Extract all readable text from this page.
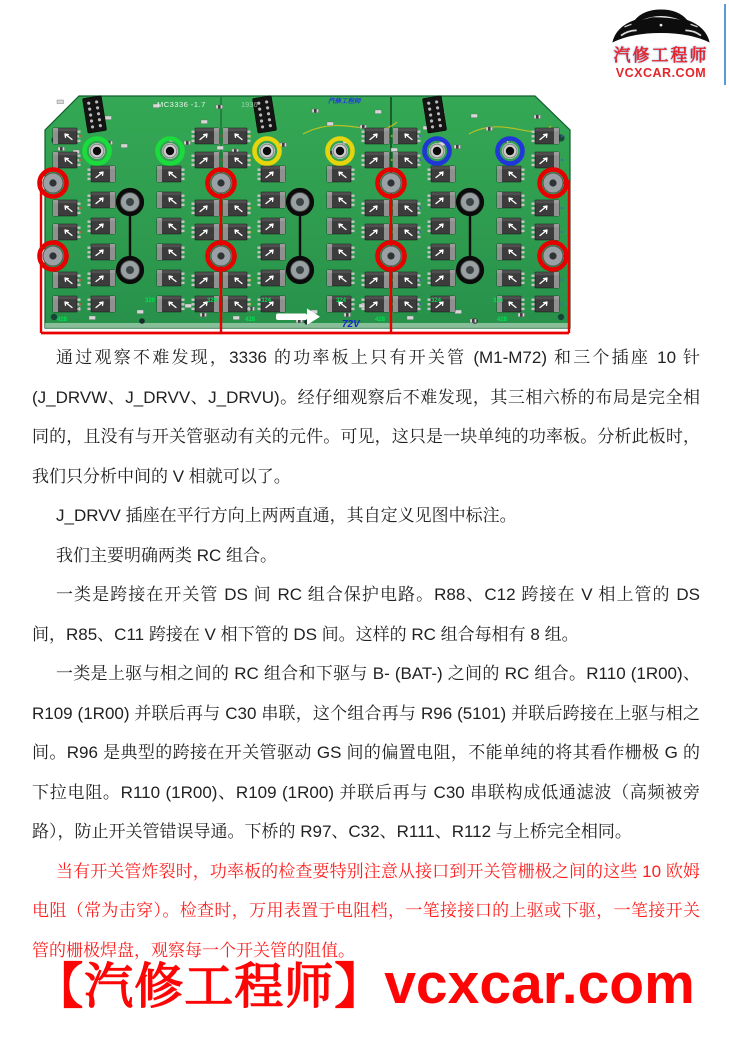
汽修工程师
VCXCAR.COM
320	320	324	324	324	324
428	428	428	428
MC3336 -1.7	1936	汽修工程师
72V

通过观察不难发现，3336 的功率板上只有开关管 (M1-M72) 和三个插座 10 针 (J_DRVW、J_DRVV、J_DRVU)。经仔细观察后不难发现，其三相六桥的布局是完全相同的，且没有与开关管驱动有关的元件。可见，这只是一块单纯的功率板。分析此板时，我们只分析中间的 V 相就可以了。

J_DRVV 插座在平行方向上两两直通，其自定义见图中标注。

我们主要明确两类 RC 组合。

一类是跨接在开关管 DS 间 RC 组合保护电路。R88、C12 跨接在 V 相上管的 DS 间，R85、C11 跨接在 V 相下管的 DS 间。这样的 RC 组合每相有 8 组。

一类是上驱与相之间的 RC 组合和下驱与 B- (BAT-) 之间的 RC 组合。R110 (1R00)、R109 (1R00) 并联后再与 C30 串联，这个组合再与 R96 (5101) 并联后跨接在上驱与相之间。R96 是典型的跨接在开关管驱动 GS 间的偏置电阻，不能单纯的将其看作栅极 G 的下拉电阻。R110 (1R00)、R109 (1R00) 并联后再与 C30 串联构成低通滤波（高频被旁路），防止开关管错误导通。下桥的 R97、C32、R111、R112 与上桥完全相同。

当有开关管炸裂时，功率板的检查要特别注意从接口到开关管栅极之间的这些 10 欧姆电阻（常为击穿）。检查时，万用表置于电阻档，一笔接接口的上驱或下驱，一笔接开关管的栅极焊盘，观察每一个开关管的阻值。

【汽修工程师】vcxcar.com
